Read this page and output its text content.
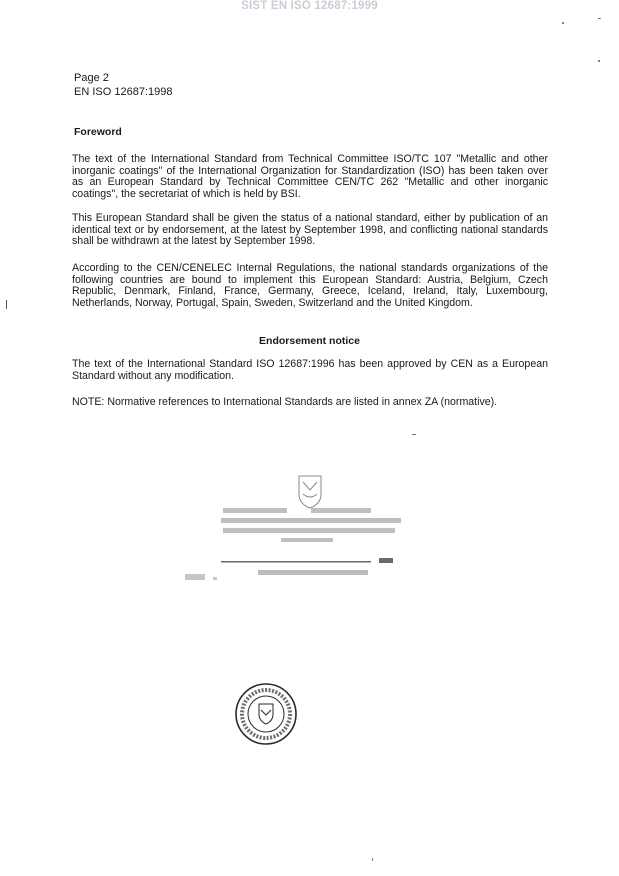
SIST EN ISO 12687:1999
Page 2
EN ISO 12687:1998
Foreword

The text of the International Standard from Technical Committee ISO/TC 107 "Metallic and other inorganic coatings" of the International Organization for Standardization (ISO) has been taken over as an European Standard by Technical Committee CEN/TC 262 "Metallic and other inorganic coatings", the secretariat of which is held by BSI.

This European Standard shall be given the status of a national standard, either by publication of an identical text or by endorsement, at the latest by September 1998, and conflicting national standards shall be withdrawn at the latest by September 1998.

According to the CEN/CENELEC Internal Regulations, the national standards organizations of the following countries are bound to implement this European Standard: Austria, Belgium, Czech Republic, Denmark, Finland, France, Germany, Greece, Iceland, Ireland, Italy, Luxembourg, Netherlands, Norway, Portugal, Spain, Sweden, Switzerland and the United Kingdom.

Endorsement notice

The text of the International Standard ISO 12687:1996 has been approved by CEN as a European Standard without any modification.

NOTE: Normative references to International Standards are listed in annex ZA (normative).
